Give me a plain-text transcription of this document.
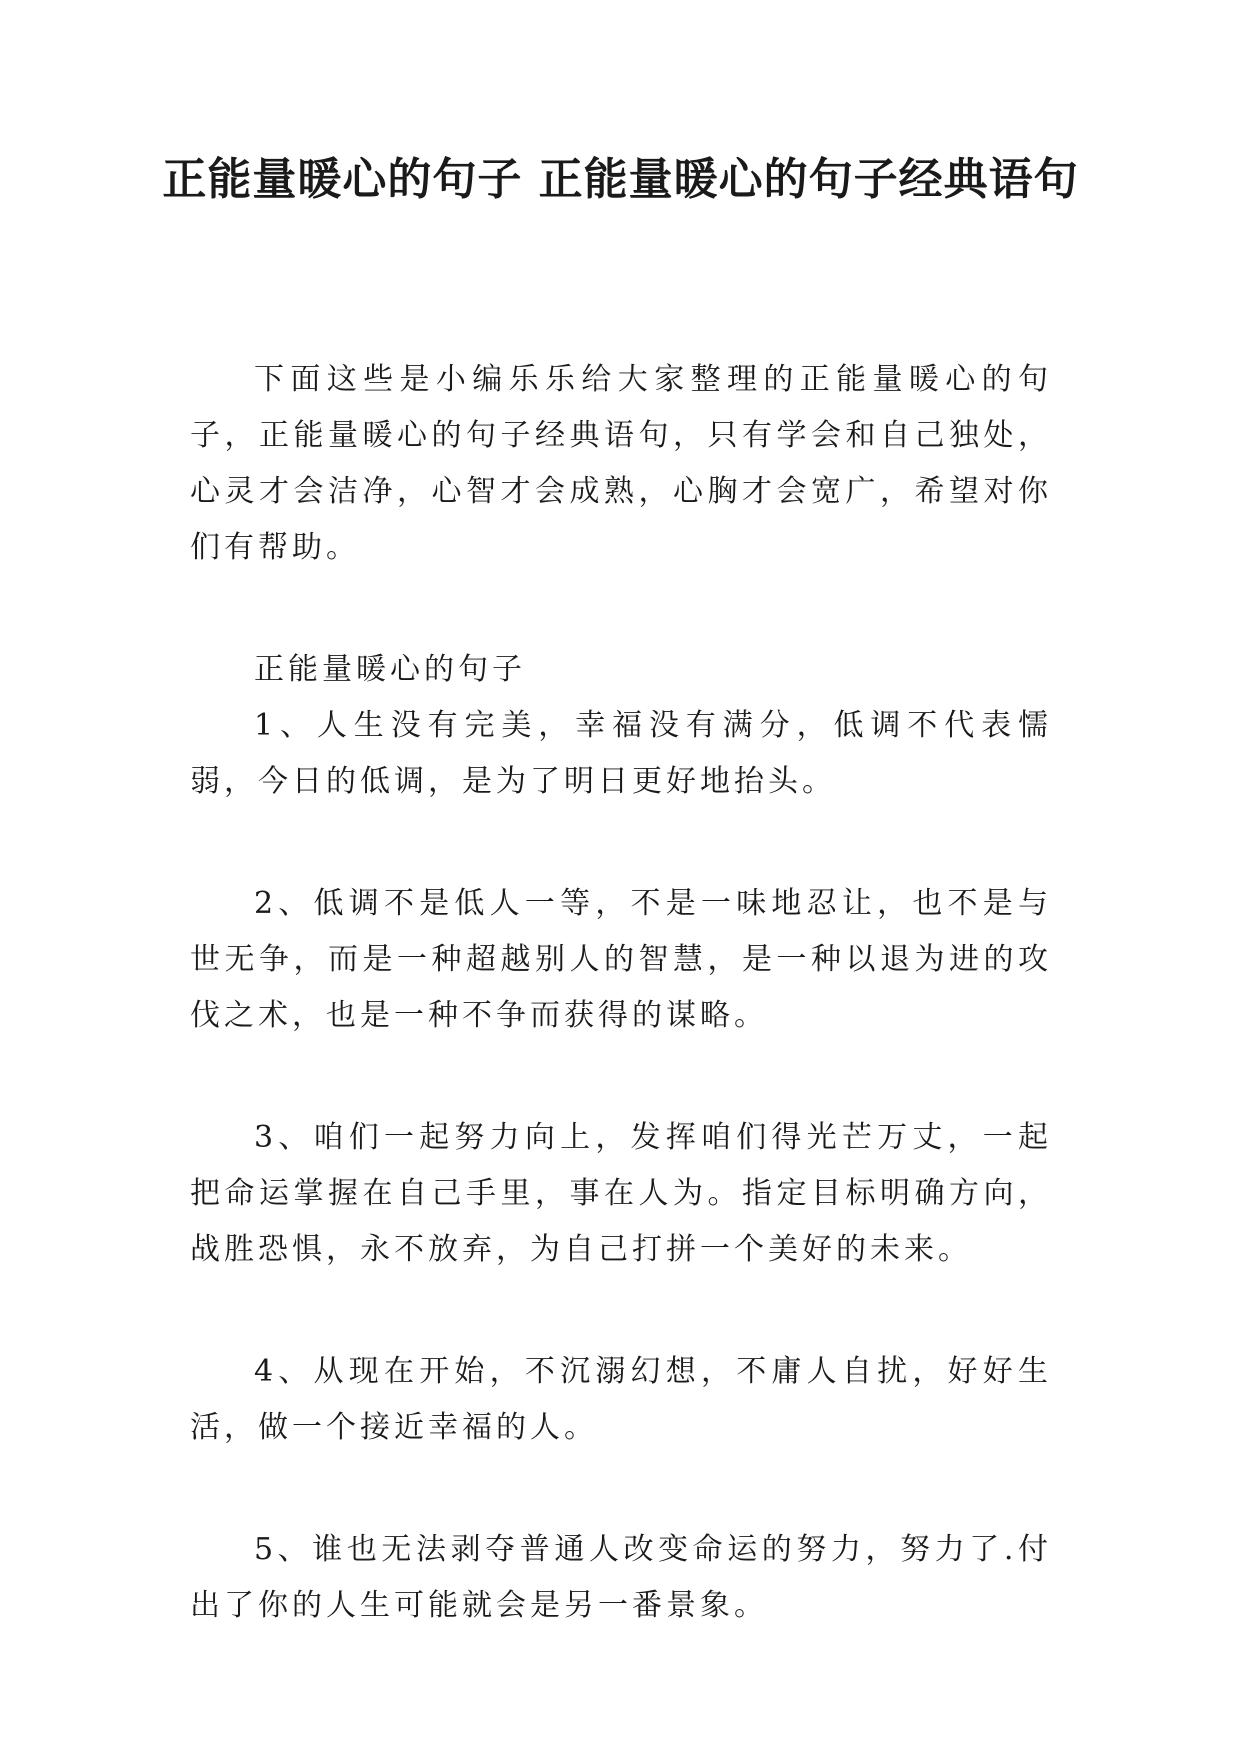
正能量暖心的句子 正能量暖心的句子经典语句

下面这些是小编乐乐给大家整理的正能量暖心的句子，正能量暖心的句子经典语句，只有学会和自己独处，心灵才会洁净，心智才会成熟，心胸才会宽广，希望对你们有帮助。

正能量暖心的句子

1、人生没有完美，幸福没有满分，低调不代表懦弱，今日的低调，是为了明日更好地抬头。

2、低调不是低人一等，不是一味地忍让，也不是与世无争，而是一种超越别人的智慧，是一种以退为进的攻伐之术，也是一种不争而获得的谋略。

3、咱们一起努力向上，发挥咱们得光芒万丈，一起把命运掌握在自己手里，事在人为。指定目标明确方向，战胜恐惧，永不放弃，为自己打拼一个美好的未来。

4、从现在开始，不沉溺幻想，不庸人自扰，好好生活，做一个接近幸福的人。

5、谁也无法剥夺普通人改变命运的努力，努力了.付出了你的人生可能就会是另一番景象。
